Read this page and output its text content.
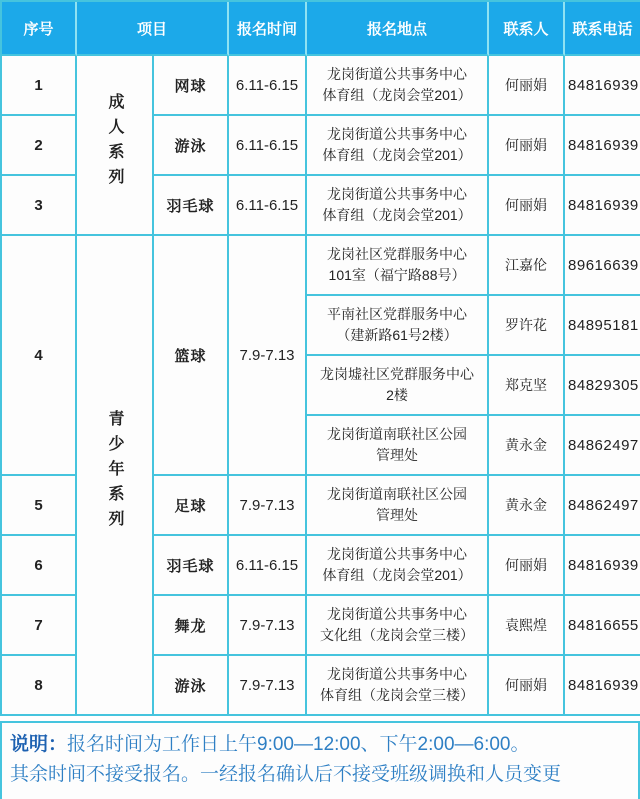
序号	项目		报名时间	报名地点	联系人	联系电话
1	成人系列	网球	6.11-6.15	龙岗街道公共事务中心
体育组（龙岗会堂201）	何丽娟	84816939
2		游泳	6.11-6.15	龙岗街道公共事务中心
体育组（龙岗会堂201）	何丽娟	84816939
3		羽毛球	6.11-6.15	龙岗街道公共事务中心
体育组（龙岗会堂201）	何丽娟	84816939
4	青少年系列	篮球	7.9-7.13	龙岗社区党群服务中心
101室（福宁路88号）	江嘉伦	89616639

				平南社区党群服务中心
（建新路61号2楼）	罗许花	84895181

				龙岗墟社区党群服务中心
2楼	郑克坚	84829305

				龙岗街道南联社区公园
管理处	黄永金	84862497
5		足球	7.9-7.13	龙岗街道南联社区公园
管理处	黄永金	84862497
6		羽毛球	6.11-6.15	龙岗街道公共事务中心
体育组（龙岗会堂201）	何丽娟	84816939
7		舞龙	7.9-7.13	龙岗街道公共事务中心
文化组（龙岗会堂三楼）	袁熙煌	84816655
8		游泳	7.9-7.13	龙岗街道公共事务中心
体育组（龙岗会堂三楼）	何丽娟	84816939
说明：报名时间为工作日上午9:00—12:00、下午2:00—6:00。
其余时间不接受报名。一经报名确认后不接受班级调换和人员变更
